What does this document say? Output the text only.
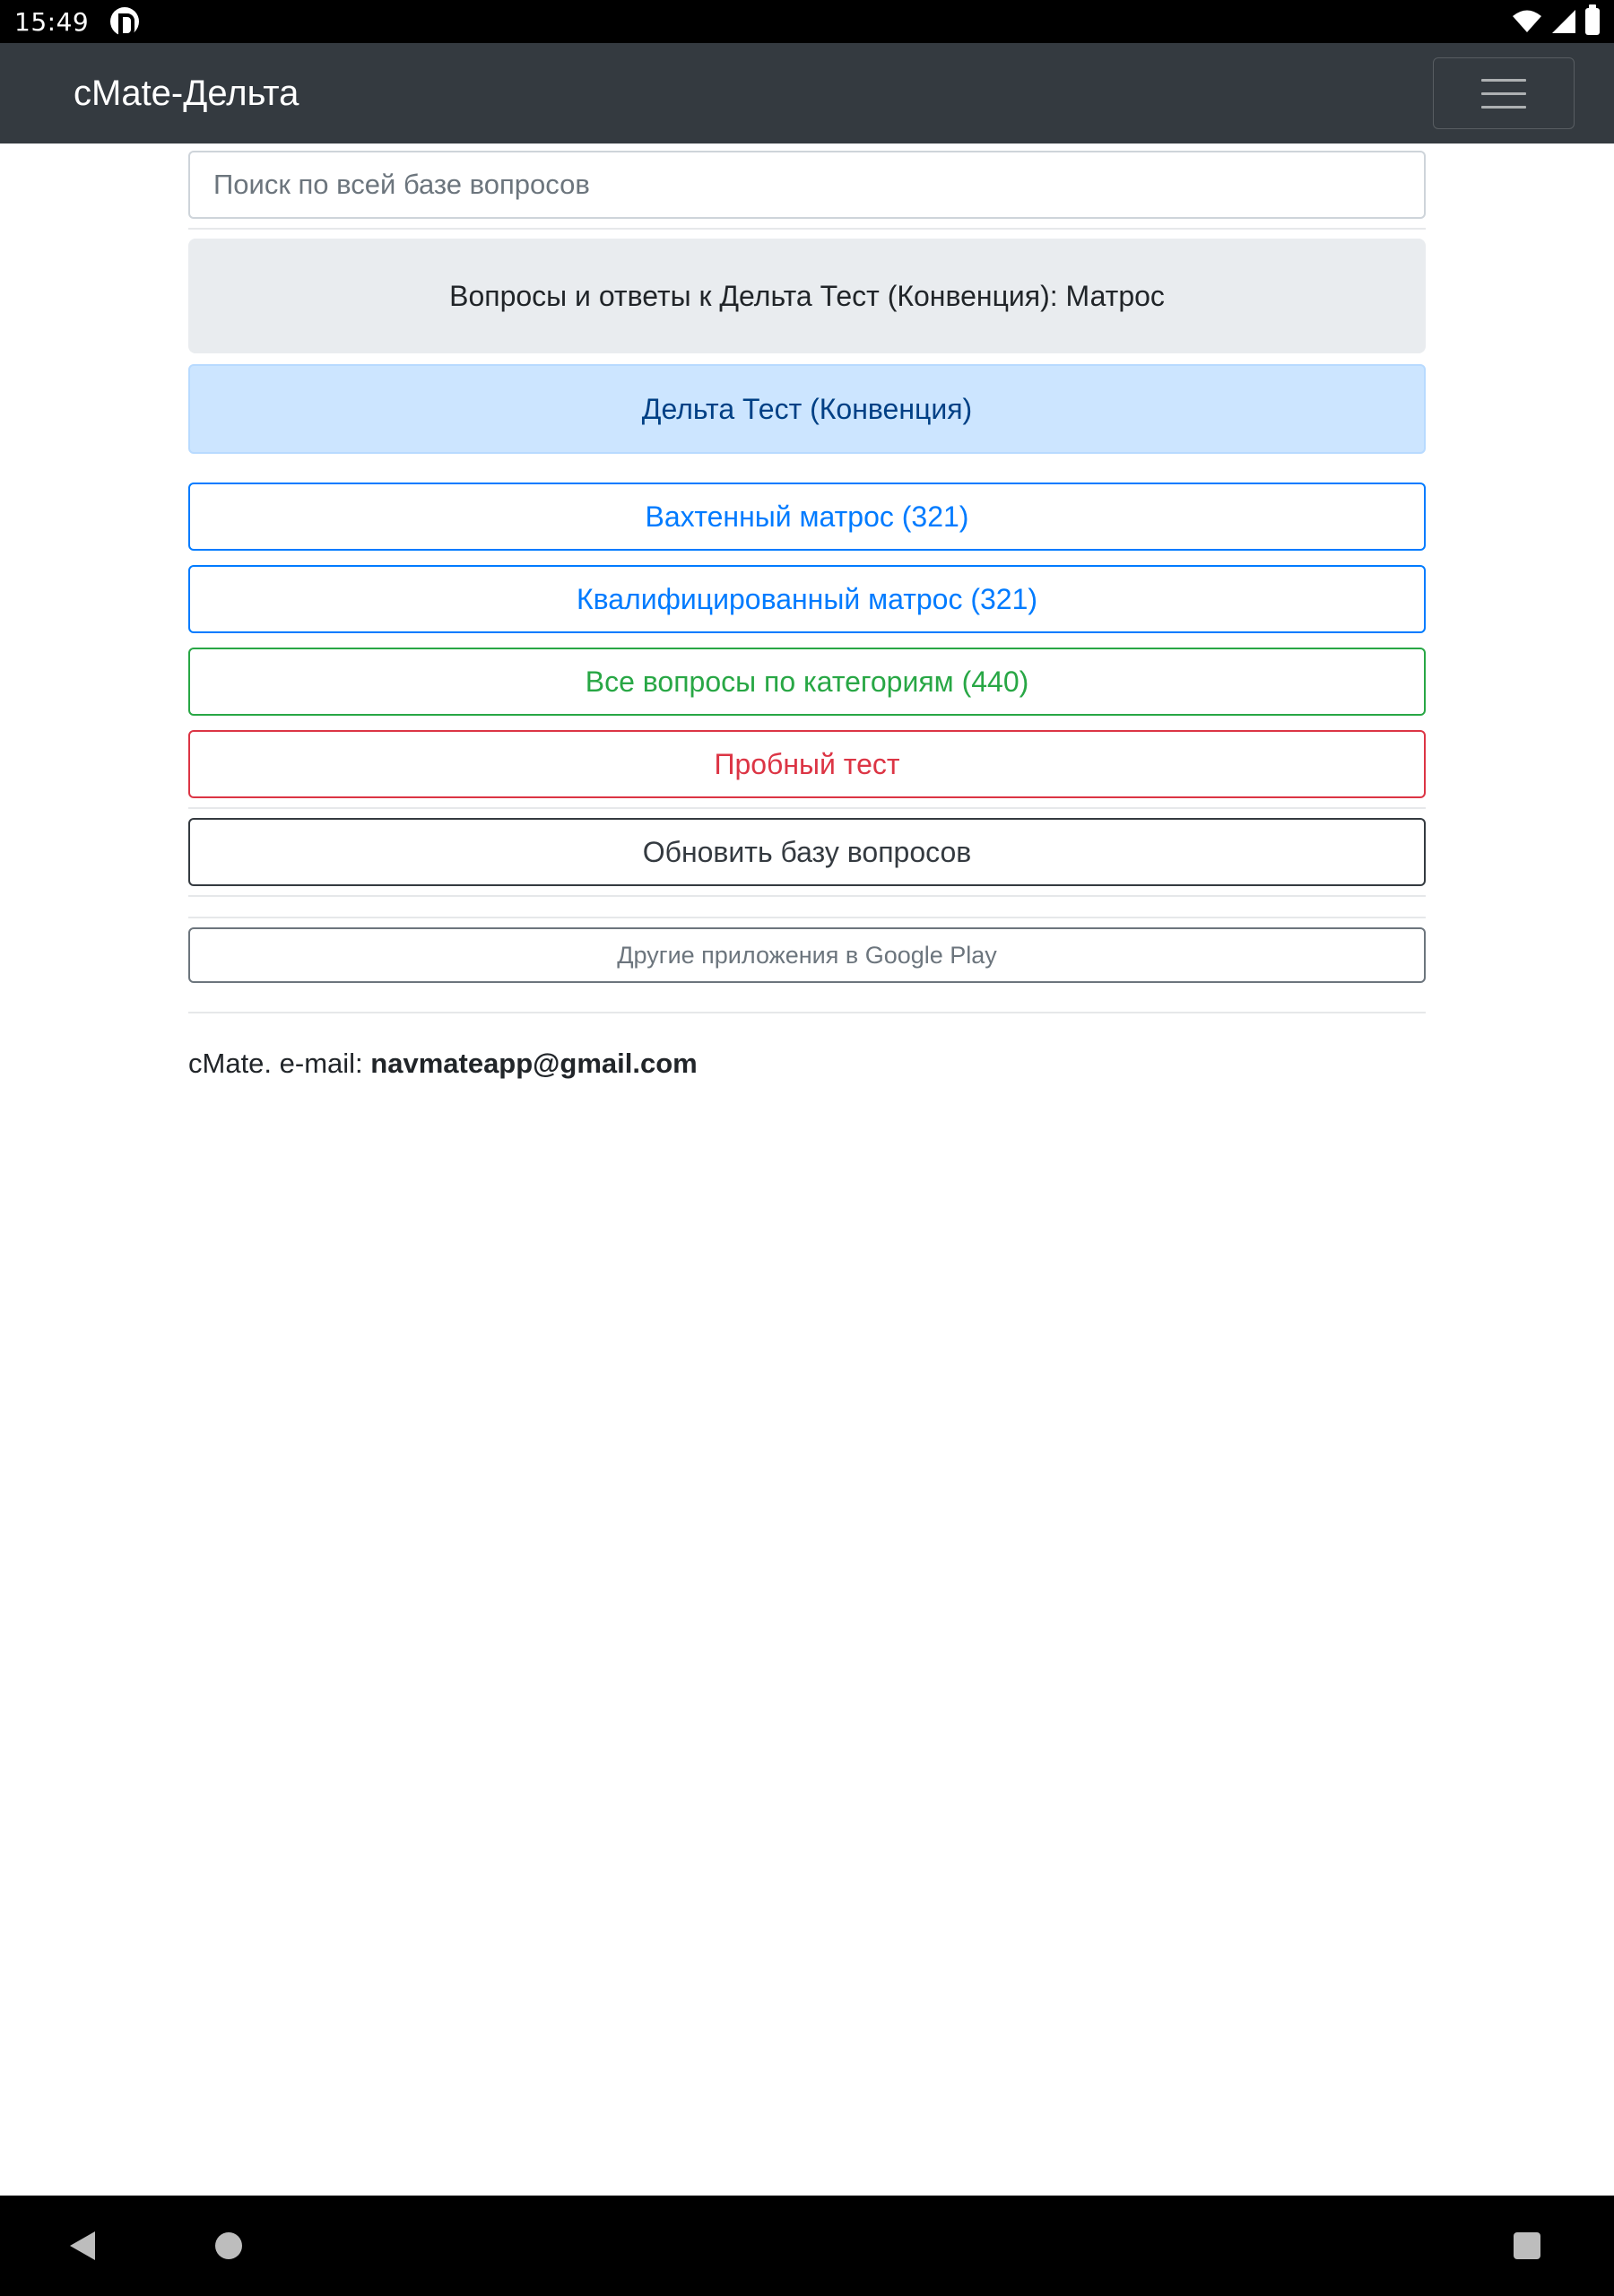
15:49
cMate-Дельта
Поиск по всей базе вопросов
Вопросы и ответы к Дельта Тест (Конвенция): Матрос
Дельта Тест (Конвенция)
Вахтенный матрос (321)
Квалифицированный матрос (321)
Все вопросы по категориям (440)
Пробный тест
Обновить базу вопросов
Другие приложения в Google Play
cMate. e-mail: navmateapp@gmail.com
